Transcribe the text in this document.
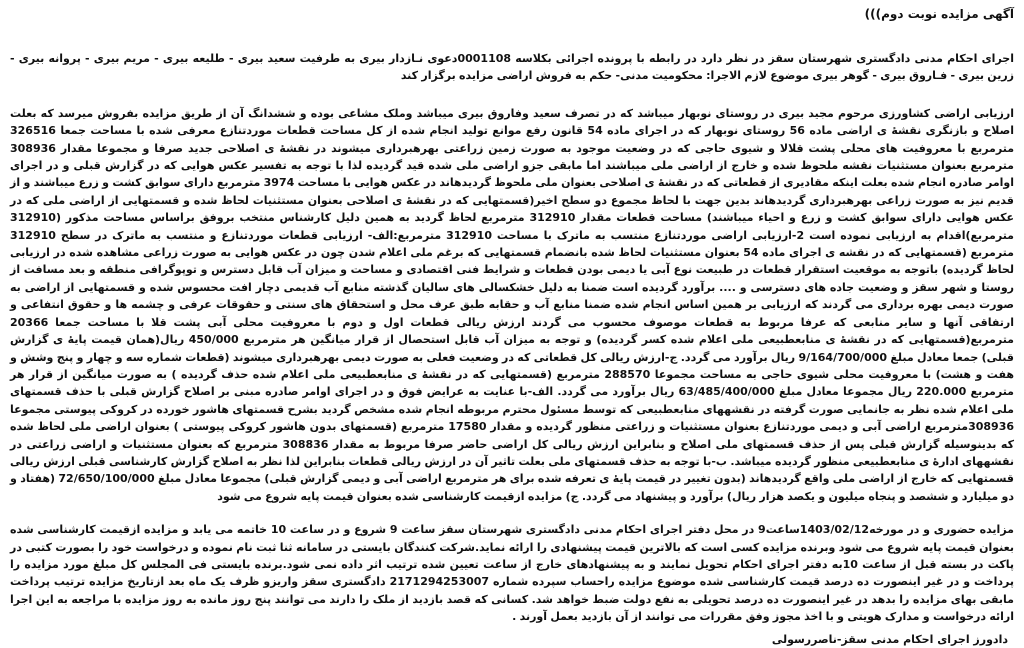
آگهی مزایده نوبت دوم)))

اجرای احکام مدنی دادگستری شهرستان سقز در نظر دارد در رابطه با پرونده اجرائی بکلاسه 0001108دعوی نـازدار بیری به طرفیت سعید بیری - طلیعه بیری - مریم بیری - پروانه بیری - زرین بیری - فـاروق بیری - گوهر بیری موضوع لازم الاجرا: محکومیت مدنی- حکم به فروش اراضی مزایده برگزار کند

ارزیابی اراضی کشاورزی مرحوم مجید بیری در روستای نوبهار میباشد که در تصرف سعید وفاروق بیری میباشد وملک مشاعی بوده و ششدانگ آن از طریق مزایده بفروش میرسد که بعلت اصلاح و بازنگری نقشهٔ ی اراضی ماده 56 روستای نوبهار که در اجرای ماده 54 قانون رفع موانع تولید انجام شده از کل مساحت قطعات موردتنازع معرفی شده با مساحت جمعا 326516 مترمربع با معروفیت های محلی پشت قلالا و شیوی حاجی که در وضعیت موجود به صورت زمین زراعتی بهرهبرداری میشوند در نقشهٔ ی اصلاحی جدید صرفا و مجموعا مقدار 308936 مترمربع بعنوان مستثنیات نقشه ملحوظ شده و خارج از اراضی ملی میباشند اما مابقی جزو اراضی ملی شده قید گردیده لذا با توجه به تفسیر عکس هوایی که در گزارش قبلی و در اجرای اوامر صادره انجام شده بعلت اینکه مقادیری از قطعاتی که در نقشهٔ ی اصلاحی بعنوان ملی ملحوظ گردیدهاند در عکس هوایی با مساحت 3974 مترمربع دارای سوابق کشت و زرع میباشند و از قدیم نیز به صورت زراعی بهرهبرداری گردیدهاند بدین جهت با لحاظ مجموع دو سطح اخیر(قسمتهایی که در نقشهٔ ی اصلاحی بعنوان مستثنیات لحاظ شده و قسمتهایی از اراضی ملی که در عکس هوایی دارای سوابق کشت و زرع و احیاء میباشند) مساحت قطعات مقدار 312910 مترمربع لحاظ گردید به همین دلیل کارشناس منتخب بروفق براساس مساحت مذکور (312910 مترمربع)اقدام به ارزیابی نموده است 2-ارزیابی اراضی موردتنازع منتسب به ماترک با مساحت 312910 مترمربع:الف- ارزیابی قطعات موردتنازع و منتسب به ماترک در سطح 312910 مترمربع (قسمتهایی که در نقشه ی اجرای ماده 54 بعنوان مستثنیات لحاظ شده بانضمام قسمتهایی که برغم ملی اعلام شدن چون در عکس هوایی به صورت زراعی مشاهده شده در ارزیابی لحاظ گردیده) باتوجه به موقعیت استقرار قطعات در طبیعت نوع آبی یا دیمی بودن قطعات و شرایط فنی اقتصادی و مساحت و میزان آب قابل دسترس و توپوگرافی منطقه و بعد مسافت از روستا و شهر سقز و وضعیت جاده های دسترسی و .... برآورد گردیده است ضمنا به دلیل خشکسالی های سالیان گذشته منابع آب قدیمی دچار افت محسوس شده و قسمتهایی از اراضی به صورت دیمی بهره برداری می گردند که ارزیابی بر همین اساس انجام شده ضمنا منابع آب و حقابه طبق عرف محل و استحقاق های سنتی و حقوقات عرفی و چشمه ها و حقوق انتفاعی و ارتفاقی آنها و سایر منابعی که عرفا مربوط به قطعات موصوف محسوب می گردند ارزش ریالی قطعات اول و دوم با معروفیت محلی آبی پشت قلا با مساحت جمعا 20366 مترمربع(قسمتهایی که در نقشهٔ ی منابعطبیعی ملی اعلام شده کسر گردیده) و توجه به میزان آب قابل استحصال از قرار میانگین هر مترمربع 450/000 ریال(همان قیمت پایهٔ ی گزارش قبلی) جمعا معادل مبلغ 9/164/700/000 ریال برآورد می گردد. ج-ارزش ریالی کل قطعاتی که در وضعیت فعلی به صورت دیمی بهرهبرداری میشوند (قطعات شماره سه و چهار و پنج وشش و هفت و هشت) با معروفیت محلی شیوی حاجی به مساحت مجموعا 288570 مترمربع (قسمتهایی که در نقشهٔ ی منابعطبیعی ملی اعلام شده حذف گردیده ) به صورت میانگین از قرار هر مترمربع 220.000 ریال مجموعا معادل مبلغ 63/485/400/000 ریال برآورد می گردد. الف-با عنایت به عرایض فوق و در اجرای اوامر صادره مبنی بر اصلاح گزارش قبلی با حذف قسمتهای ملی اعلام شده نظر به جانمایی صورت گرفته در نقشههای منابعطبیعی که توسط مسئول محترم مربوطه انجام شده مشخص گردید بشرح قسمتهای هاشور خورده در کروکی پیوستی مجموعا 308936مترمربع اراضی آبی و دیمی موردتنازع بعنوان مستثنیات و زراعتی منظور گردیده و مقدار 17580 مترمربع (قسمتهای بدون هاشور کروکی پیوستی ) بعنوان اراضی ملی لحاظ شده که بدینوسیله گزارش قبلی پس از حذف قسمتهای ملی اصلاح و بنابراین ارزش ریالی کل اراضی حاضر صرفا مربوط به مقدار 308836 مترمربع که بعنوان مستثنیات و اراضی زراعتی در نقشههای ادارهٔ ی منابعطبیعی منظور گردیده میباشد. ب-با توجه به حذف قسمتهای ملی بعلت تاثیر آن در ارزش ریالی قطعات بنابراین لذا نظر به اصلاح گزارش کارشناسی قبلی ارزش ریالی قسمتهایی که خارج از اراضی ملی واقع گردیدهاند (بدون تغییر در قیمت پایهٔ ی تعرفه شده برای هر مترمربع اراضی آبی و دیمی گزارش قبلی) مجموعا معادل مبلغ 72/650/100/000 (هفتاد و دو میلیارد و ششصد و پنجاه میلیون و یکصد هزار ریال) برآورد و پیشنهاد می گردد. ج) مزایده ازقیمت کارشناسی شده بعنوان قیمت پایه شروع می شود

مزایده حضوری و در مورخه1403/02/12ساعت9 در محل دفتر اجرای احکام مدنی دادگستری شهرستان سقز ساعت 9 شروع و در ساعت 10 خاتمه می یابد و مزایده ازقیمت کارشناسی شده بعنوان قیمت پایه شروع می شود وبرنده مزایده کسی است که بالاترین قیمت پیشنهادی را ارائه نماید.شرکت کنندگان بایستی در سامانه ثنا ثبت نام نموده و درخواست خود را بصورت کتبی در پاکت در بسته قبل از ساعت 10به دفتر اجرای احکام تحویل نمایند و به پیشنهادهای خارج از ساعت تعیین شده ترتیب اثر داده نمی شود.برنده بایستی فی المجلس کل مبلغ مورد مزایده را پرداخت و در غیر اینصورت ده درصد قیمت کارشناسی شده موضوع مزایده راحساب سپرده شماره 2171294253007 دادگستری سقز واریزو ظرف یک ماه بعد ازتاریخ مزایده ترتیب پرداخت مابقی بهای مزایده را بدهد در غیر اینصورت ده درصد تحویلی به نفع دولت ضبط خواهد شد. کسانی که قصد بازدید از ملک را دارند می توانند پنج روز مانده به روز مزایده با مراجعه به این اجرا ارائه درخواست و مدارک هویتی و با اخذ مجوز وفق مقررات می توانند از آن بازدید بعمل آورند .

دادورز اجرای احکام مدنی سقز-ناصررسولی
